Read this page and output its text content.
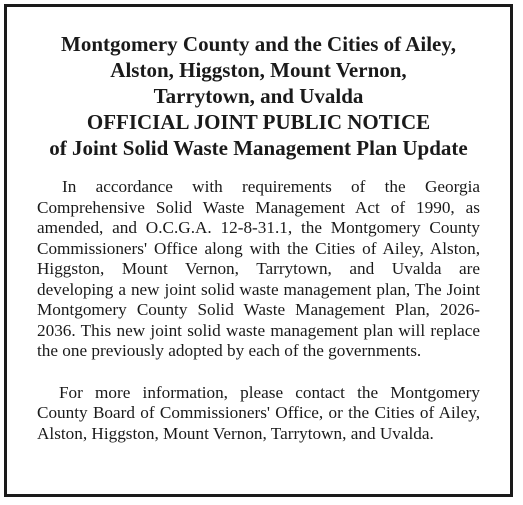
Montgomery County and the Cities of Ailey,
Alston, Higgston, Mount Vernon,
Tarrytown, and Uvalda
OFFICIAL JOINT PUBLIC NOTICE
of Joint Solid Waste Management Plan Update

In accordance with requirements of the Georgia Comprehensive Solid Waste Management Act of 1990, as amended, and O.C.G.A. 12-8-31.1, the Montgomery County Commissioners' Office along with the Cities of Ailey, Alston, Higgston, Mount Vernon, Tarrytown, and Uvalda are developing a new joint solid waste management plan, The Joint Montgomery County Solid Waste Management Plan, 2026-2036. This new joint solid waste management plan will replace the one previously adopted by each of the governments.

For more information, please contact the Montgomery County Board of Commissioners' Office, or the Cities of Ailey, Alston, Higgston, Mount Vernon, Tarrytown, and Uvalda.
